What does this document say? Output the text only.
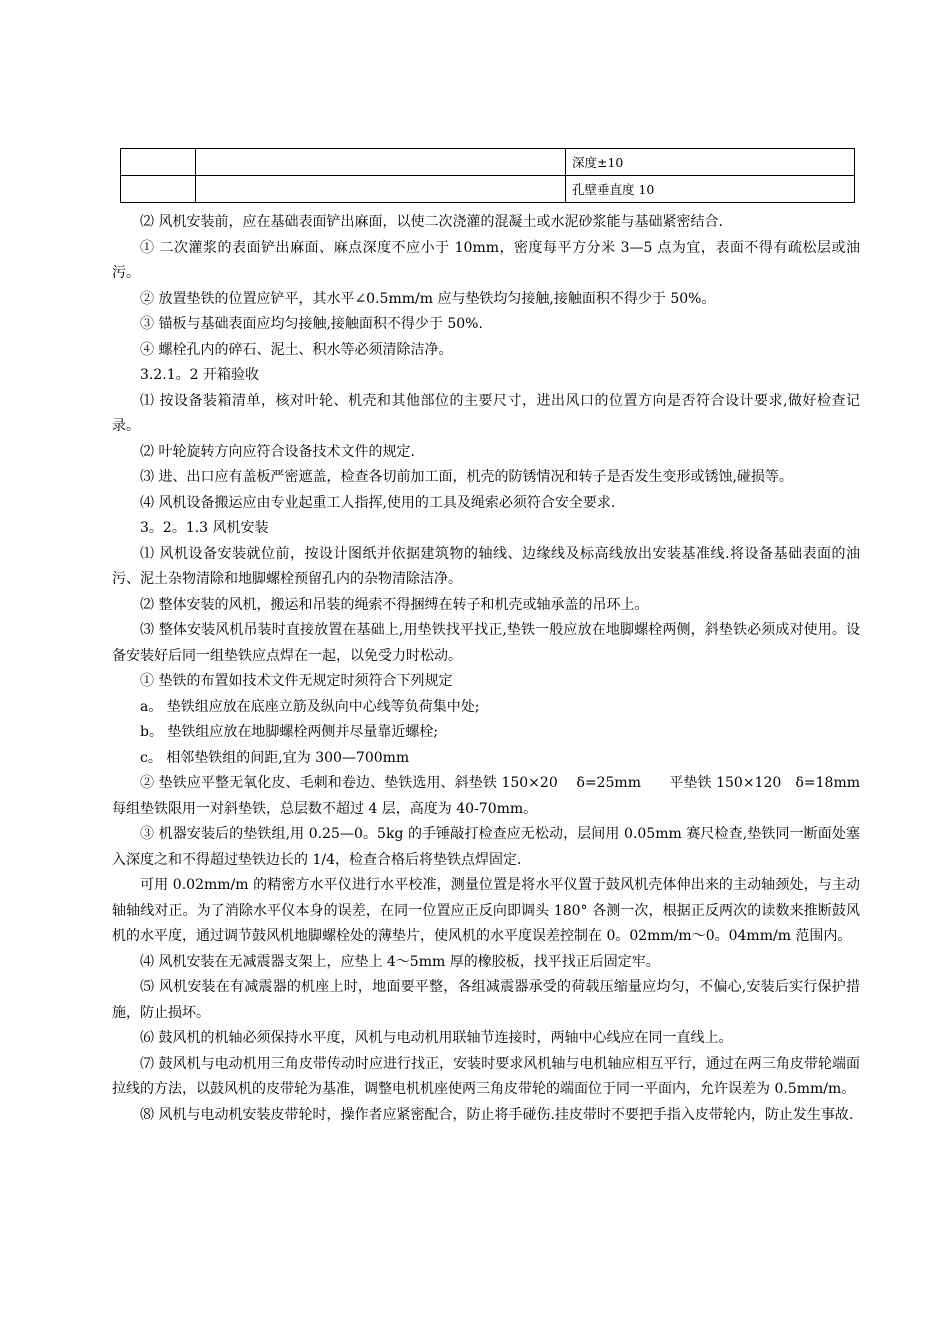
		深度±10
		孔壁垂直度 10

⑵ 风机安装前，应在基础表面铲出麻面，以使二次浇灌的混凝土或水泥砂浆能与基础紧密结合.

① 二次灌浆的表面铲出麻面、麻点深度不应小于 10mm，密度每平方分米 3—5 点为宜，表面不得有疏松层或油污。

② 放置垫铁的位置应铲平，其水平∠0.5mm/m 应与垫铁均匀接触,接触面积不得少于 50%。

③ 锚板与基础表面应均匀接触,接触面积不得少于 50%.

④ 螺栓孔内的碎石、泥土、积水等必须清除洁净。

3.2.1。2 开箱验收

⑴ 按设备装箱清单，核对叶轮、机壳和其他部位的主要尺寸，进出风口的位置方向是否符合设计要求,做好检查记录。

⑵ 叶轮旋转方向应符合设备技术文件的规定.

⑶ 进、出口应有盖板严密遮盖，检查各切前加工面，机壳的防锈情况和转子是否发生变形或锈蚀,碰损等。

⑷ 风机设备搬运应由专业起重工人指挥,使用的工具及绳索必须符合安全要求.

3。2。1.3 风机安装

⑴ 风机设备安装就位前，按设计图纸并依据建筑物的轴线、边缘线及标高线放出安装基准线.将设备基础表面的油污、泥土杂物清除和地脚螺栓预留孔内的杂物清除洁净。

⑵ 整体安装的风机，搬运和吊装的绳索不得捆缚在转子和机壳或轴承盖的吊环上。

⑶ 整体安装风机吊装时直接放置在基础上,用垫铁找平找正,垫铁一般应放在地脚螺栓两侧，斜垫铁必须成对使用。设备安装好后同一组垫铁应点焊在一起，以免受力时松动。

① 垫铁的布置如技术文件无规定时须符合下列规定

a。 垫铁组应放在底座立筋及纵向中心线等负荷集中处;

b。 垫铁组应放在地脚螺栓两侧并尽量靠近螺栓;

c。 相邻垫铁组的间距,宜为 300—700mm

② 垫铁应平整无氧化皮、毛刺和卷边、垫铁选用、斜垫铁 150×20　 δ=25mm　　平垫铁 150×120　δ=18mm 每组垫铁限用一对斜垫铁，总层数不超过 4 层，高度为 40-70mm。

③ 机器安装后的垫铁组,用 0.25—0。5kg 的手锤敲打检查应无松动，层间用 0.05mm 赛尺检查,垫铁同一断面处塞入深度之和不得超过垫铁边长的 1/4，检查合格后将垫铁点焊固定.

可用 0.02mm/m 的精密方水平仪进行水平校准，测量位置是将水平仪置于鼓风机壳体伸出来的主动轴颈处，与主动轴轴线对正。为了消除水平仪本身的误差，在同一位置应正反向即调头 180° 各测一次，根据正反两次的读数来推断鼓风机的水平度，通过调节鼓风机地脚螺栓处的薄垫片，使风机的水平度误差控制在 0。02mm/m～0。04mm/m 范围内。

⑷ 风机安装在无减震器支架上，应垫上 4～5mm 厚的橡胶板，找平找正后固定牢。

⑸ 风机安装在有减震器的机座上时，地面要平整，各组减震器承受的荷载压缩量应均匀，不偏心,安装后实行保护措施，防止损坏。

⑹ 鼓风机的机轴必须保持水平度，风机与电动机用联轴节连接时，两轴中心线应在同一直线上。

⑺ 鼓风机与电动机用三角皮带传动时应进行找正，安装时要求风机轴与电机轴应相互平行，通过在两三角皮带轮端面拉线的方法，以鼓风机的皮带轮为基准，调整电机机座使两三角皮带轮的端面位于同一平面内，允许误差为 0.5mm/m。

⑻ 风机与电动机安装皮带轮时，操作者应紧密配合，防止将手碰伤.挂皮带时不要把手指入皮带轮内，防止发生事故.
